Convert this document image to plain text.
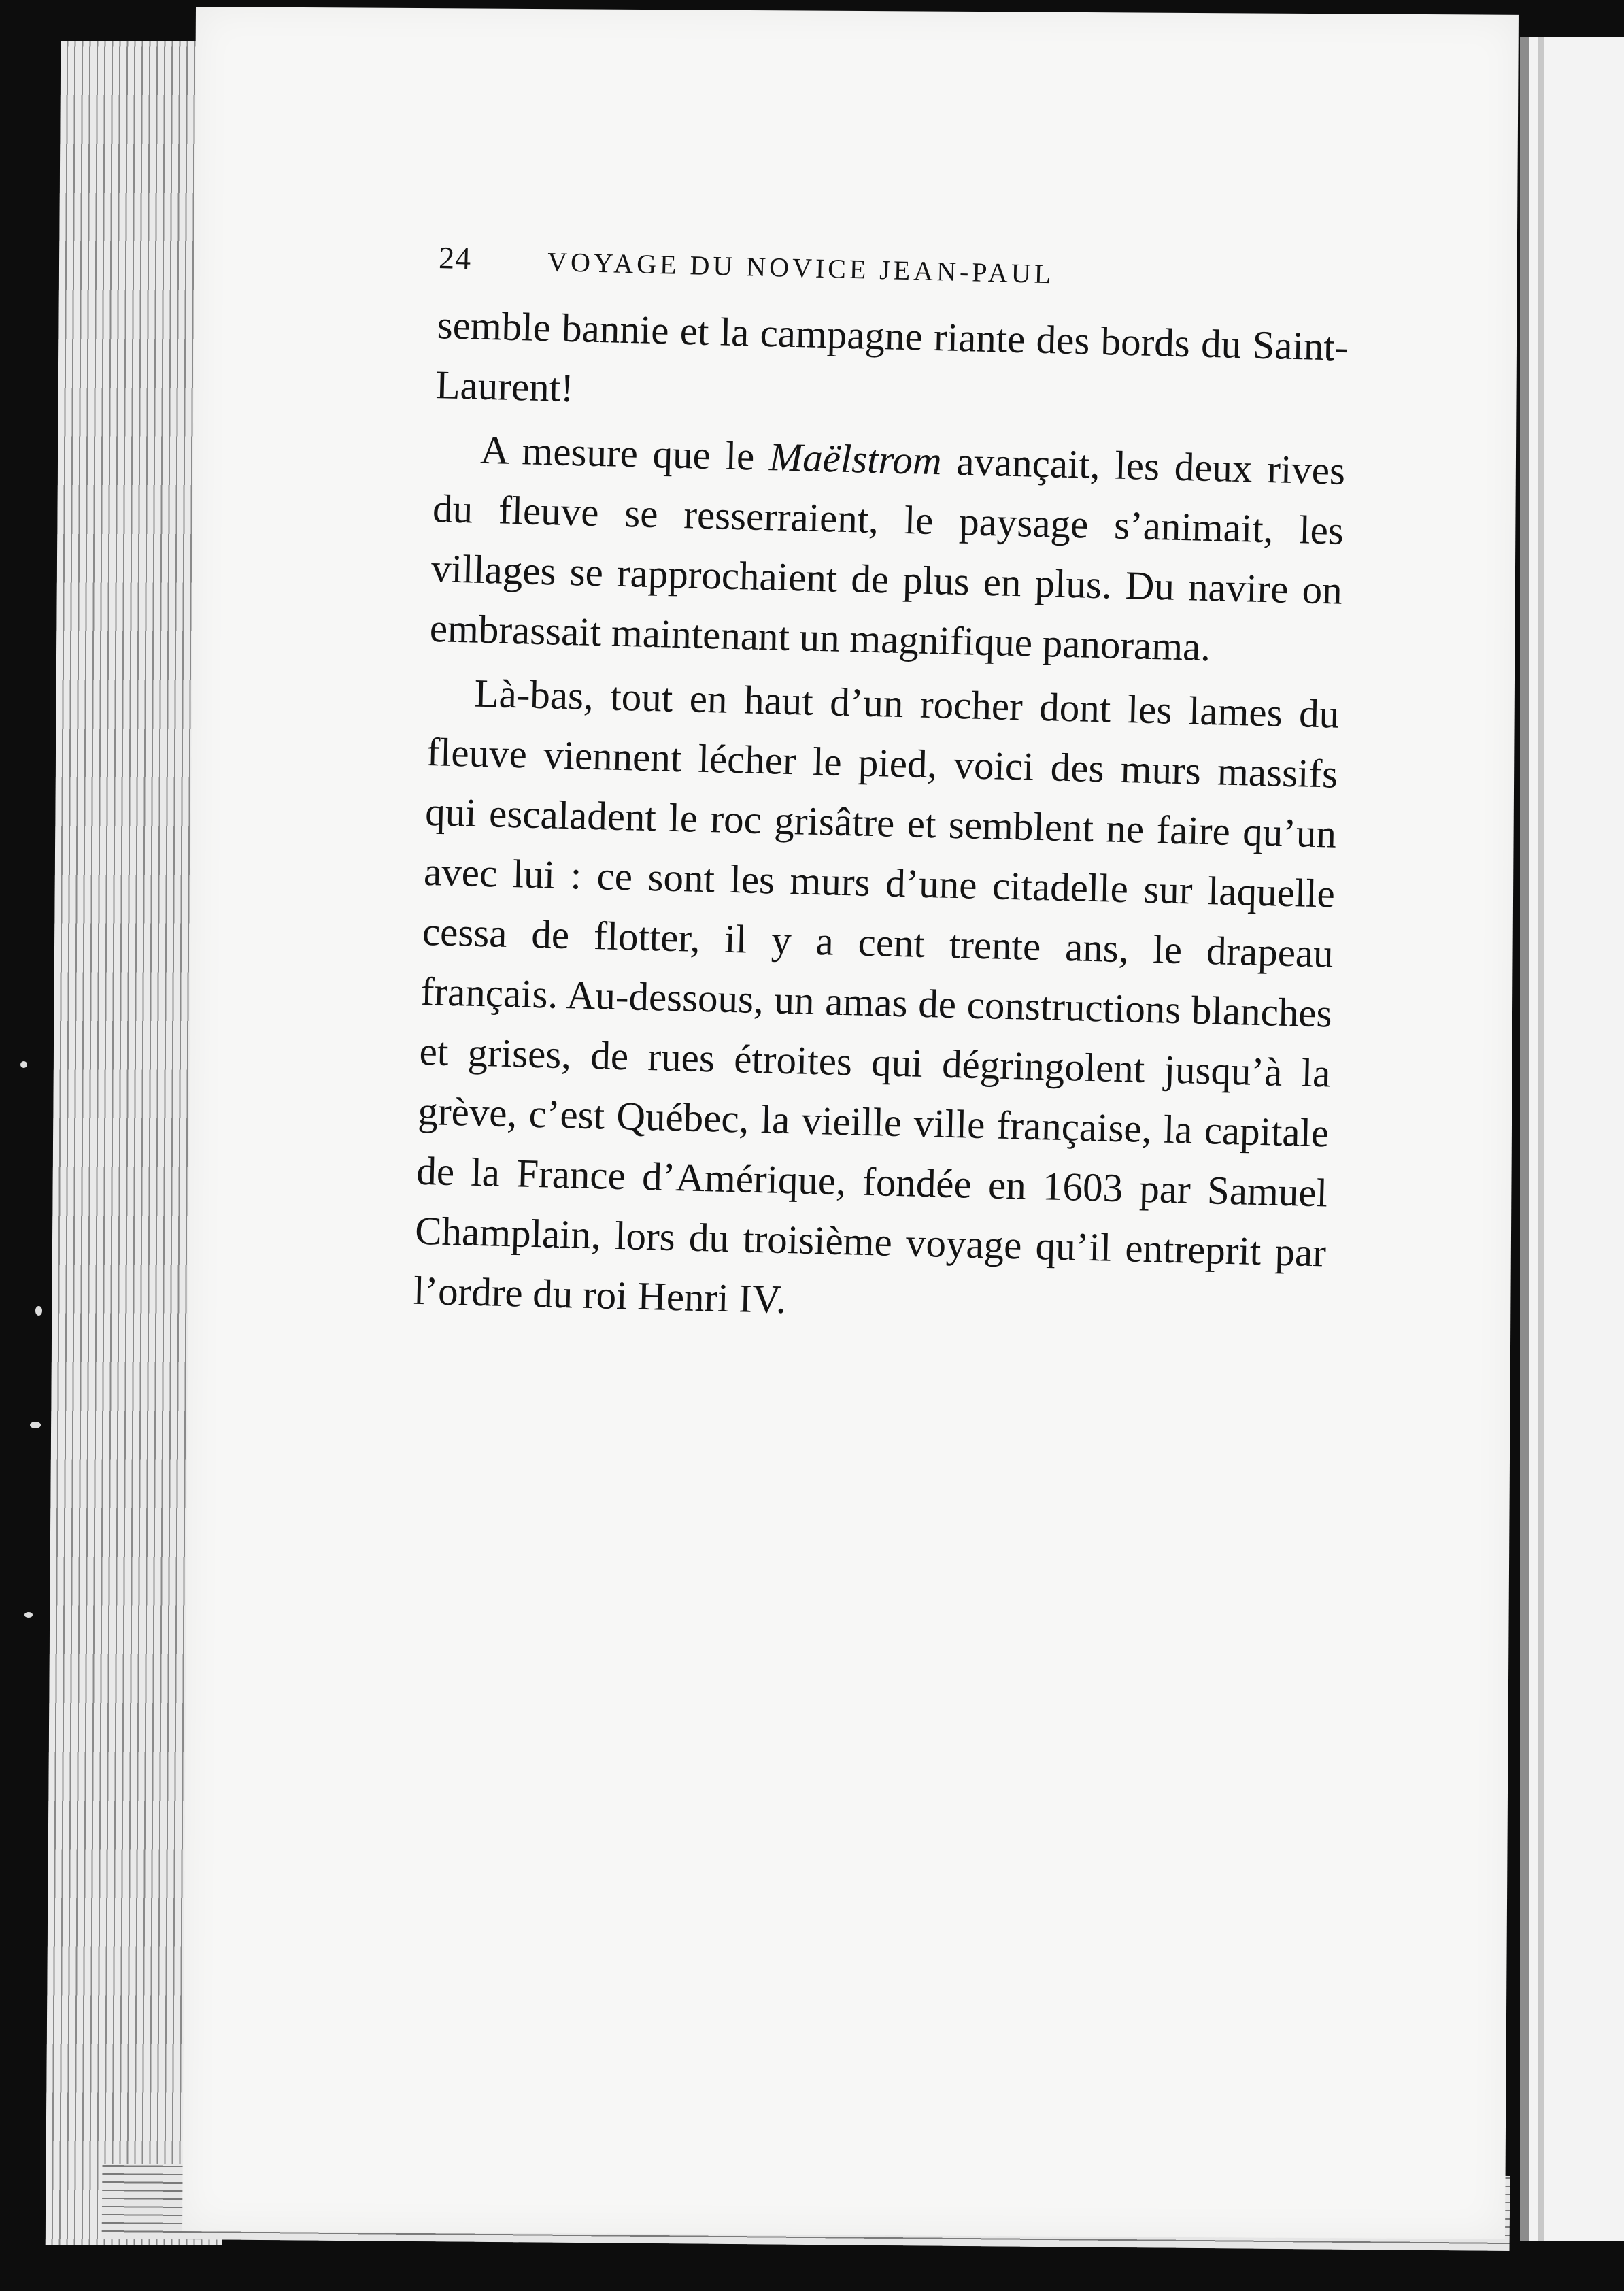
24	VOYAGE DU NOVICE JEAN-PAUL

semble bannie et la campagne riante des bords du Saint-Laurent!

A mesure que le Maëlstrom avançait, les deux rives du fleuve se resserraient, le paysage s’animait, les villages se rapprochaient de plus en plus. Du navire on embrassait maintenant un magnifique panorama.

Là-bas, tout en haut d’un rocher dont les lames du fleuve viennent lécher le pied, voici des murs massifs qui escaladent le roc grisâtre et semblent ne faire qu’un avec lui : ce sont les murs d’une citadelle sur laquelle cessa de flotter, il y a cent trente ans, le drapeau français. Au-dessous, un amas de constructions blanches et grises, de rues étroites qui dégringolent jusqu’à la grève, c’est Québec, la vieille ville française, la capitale de la France d’Amérique, fondée en 1603 par Samuel Champlain, lors du troisième voyage qu’il entreprit par l’ordre du roi Henri IV.
